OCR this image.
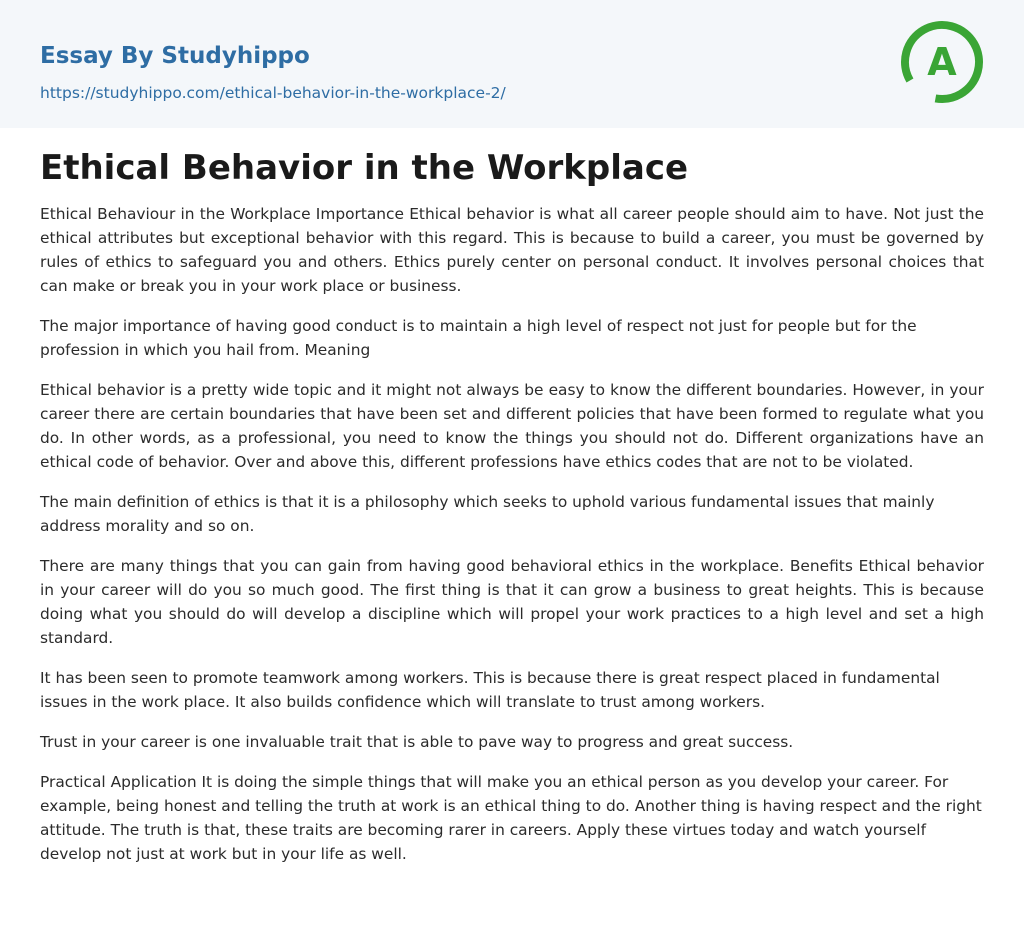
Essay By Studyhippo
https://studyhippo.com/ethical-behavior-in-the-workplace-2/
A
Ethical Behavior in the Workplace

Ethical Behaviour in the Workplace Importance Ethical behavior is what all career people should aim to have. Not just the ethical attributes but exceptional behavior with this regard. This is because to build a career, you must be governed by rules of ethics to safeguard you and others. Ethics purely center on personal conduct. It involves personal choices that can make or break you in your work place or business.

The major importance of having good conduct is to maintain a high level of respect not just for people but for the profession in which you hail from. Meaning

Ethical behavior is a pretty wide topic and it might not always be easy to know the different boundaries. However, in your career there are certain boundaries that have been set and different policies that have been formed to regulate what you do. In other words, as a professional, you need to know the things you should not do. Different organizations have an ethical code of behavior. Over and above this, different professions have ethics codes that are not to be violated.

The main definition of ethics is that it is a philosophy which seeks to uphold various fundamental issues that mainly address morality and so on.

There are many things that you can gain from having good behavioral ethics in the workplace. Benefits Ethical behavior in your career will do you so much good. The first thing is that it can grow a business to great heights. This is because doing what you should do will develop a discipline which will propel your work practices to a high level and set a high standard.

It has been seen to promote teamwork among workers. This is because there is great respect placed in fundamental issues in the work place. It also builds confidence which will translate to trust among workers.

Trust in your career is one invaluable trait that is able to pave way to progress and great success.

Practical Application It is doing the simple things that will make you an ethical person as you develop your career. For example, being honest and telling the truth at work is an ethical thing to do. Another thing is having respect and the right attitude. The truth is that, these traits are becoming rarer in careers. Apply these virtues today and watch yourself develop not just at work but in your life as well.
